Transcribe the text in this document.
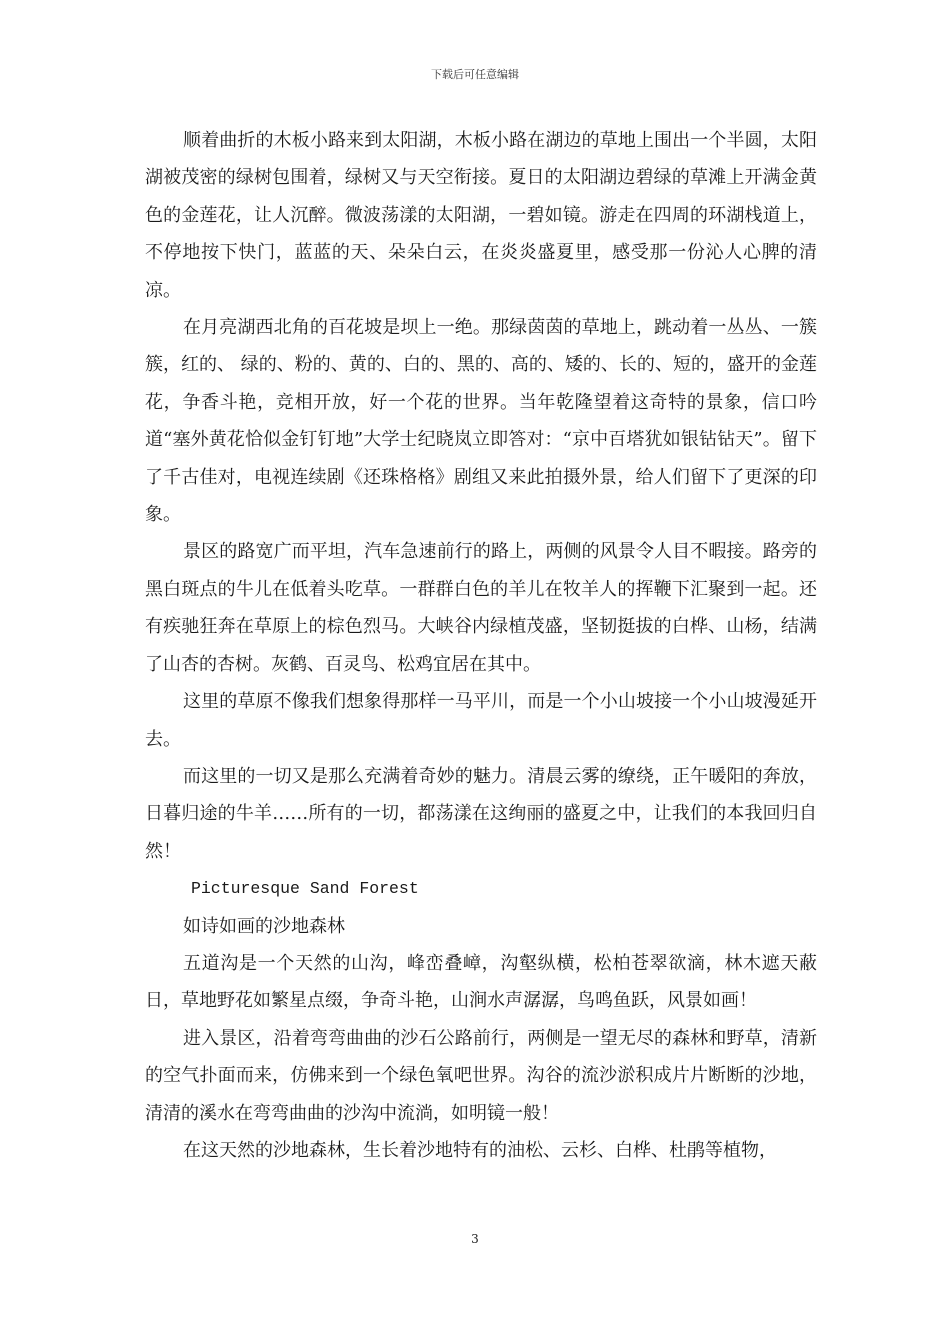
下载后可任意编辑

顺着曲折的木板小路来到太阳湖，木板小路在湖边的草地上围出一个半圆，太阳湖被茂密的绿树包围着，绿树又与天空衔接。夏日的太阳湖边碧绿的草滩上开满金黄色的金莲花，让人沉醉。微波荡漾的太阳湖，一碧如镜。游走在四周的环湖栈道上，不停地按下快门，蓝蓝的天、朵朵白云，在炎炎盛夏里，感受那一份沁人心脾的清凉。

在月亮湖西北角的百花坡是坝上一绝。那绿茵茵的草地上，跳动着一丛丛、一簇簇，红的、 绿的、粉的、黄的、白的、黑的、高的、矮的、长的、短的，盛开的金莲花，争香斗艳，竞相开放，好一个花的世界。当年乾隆望着这奇特的景象，信口吟道“塞外黄花恰似金钉钉地”大学士纪晓岚立即答对：“京中百塔犹如银钻钻天”。留下了千古佳对，电视连续剧《还珠格格》剧组又来此拍摄外景，给人们留下了更深的印象。

景区的路宽广而平坦，汽车急速前行的路上，两侧的风景令人目不暇接。路旁的黑白斑点的牛儿在低着头吃草。一群群白色的羊儿在牧羊人的挥鞭下汇聚到一起。还有疾驰狂奔在草原上的棕色烈马。大峡谷内绿植茂盛，坚韧挺拔的白桦、山杨，结满了山杏的杏树。灰鹤、百灵鸟、松鸡宜居在其中。

这里的草原不像我们想象得那样一马平川，而是一个小山坡接一个小山坡漫延开去。

而这里的一切又是那么充满着奇妙的魅力。清晨云雾的缭绕，正午暖阳的奔放，日暮归途的牛羊……所有的一切，都荡漾在这绚丽的盛夏之中，让我们的本我回归自然！

Picturesque Sand Forest

如诗如画的沙地森林

五道沟是一个天然的山沟，峰峦叠嶂，沟壑纵横，松柏苍翠欲滴，林木遮天蔽日，草地野花如繁星点缀，争奇斗艳，山涧水声潺潺，鸟鸣鱼跃，风景如画！

进入景区，沿着弯弯曲曲的沙石公路前行，两侧是一望无尽的森林和野草，清新的空气扑面而来，仿佛来到一个绿色氧吧世界。沟谷的流沙淤积成片片断断的沙地，清清的溪水在弯弯曲曲的沙沟中流淌，如明镜一般！

在这天然的沙地森林，生长着沙地特有的油松、云杉、白桦、杜鹃等植物，

3
